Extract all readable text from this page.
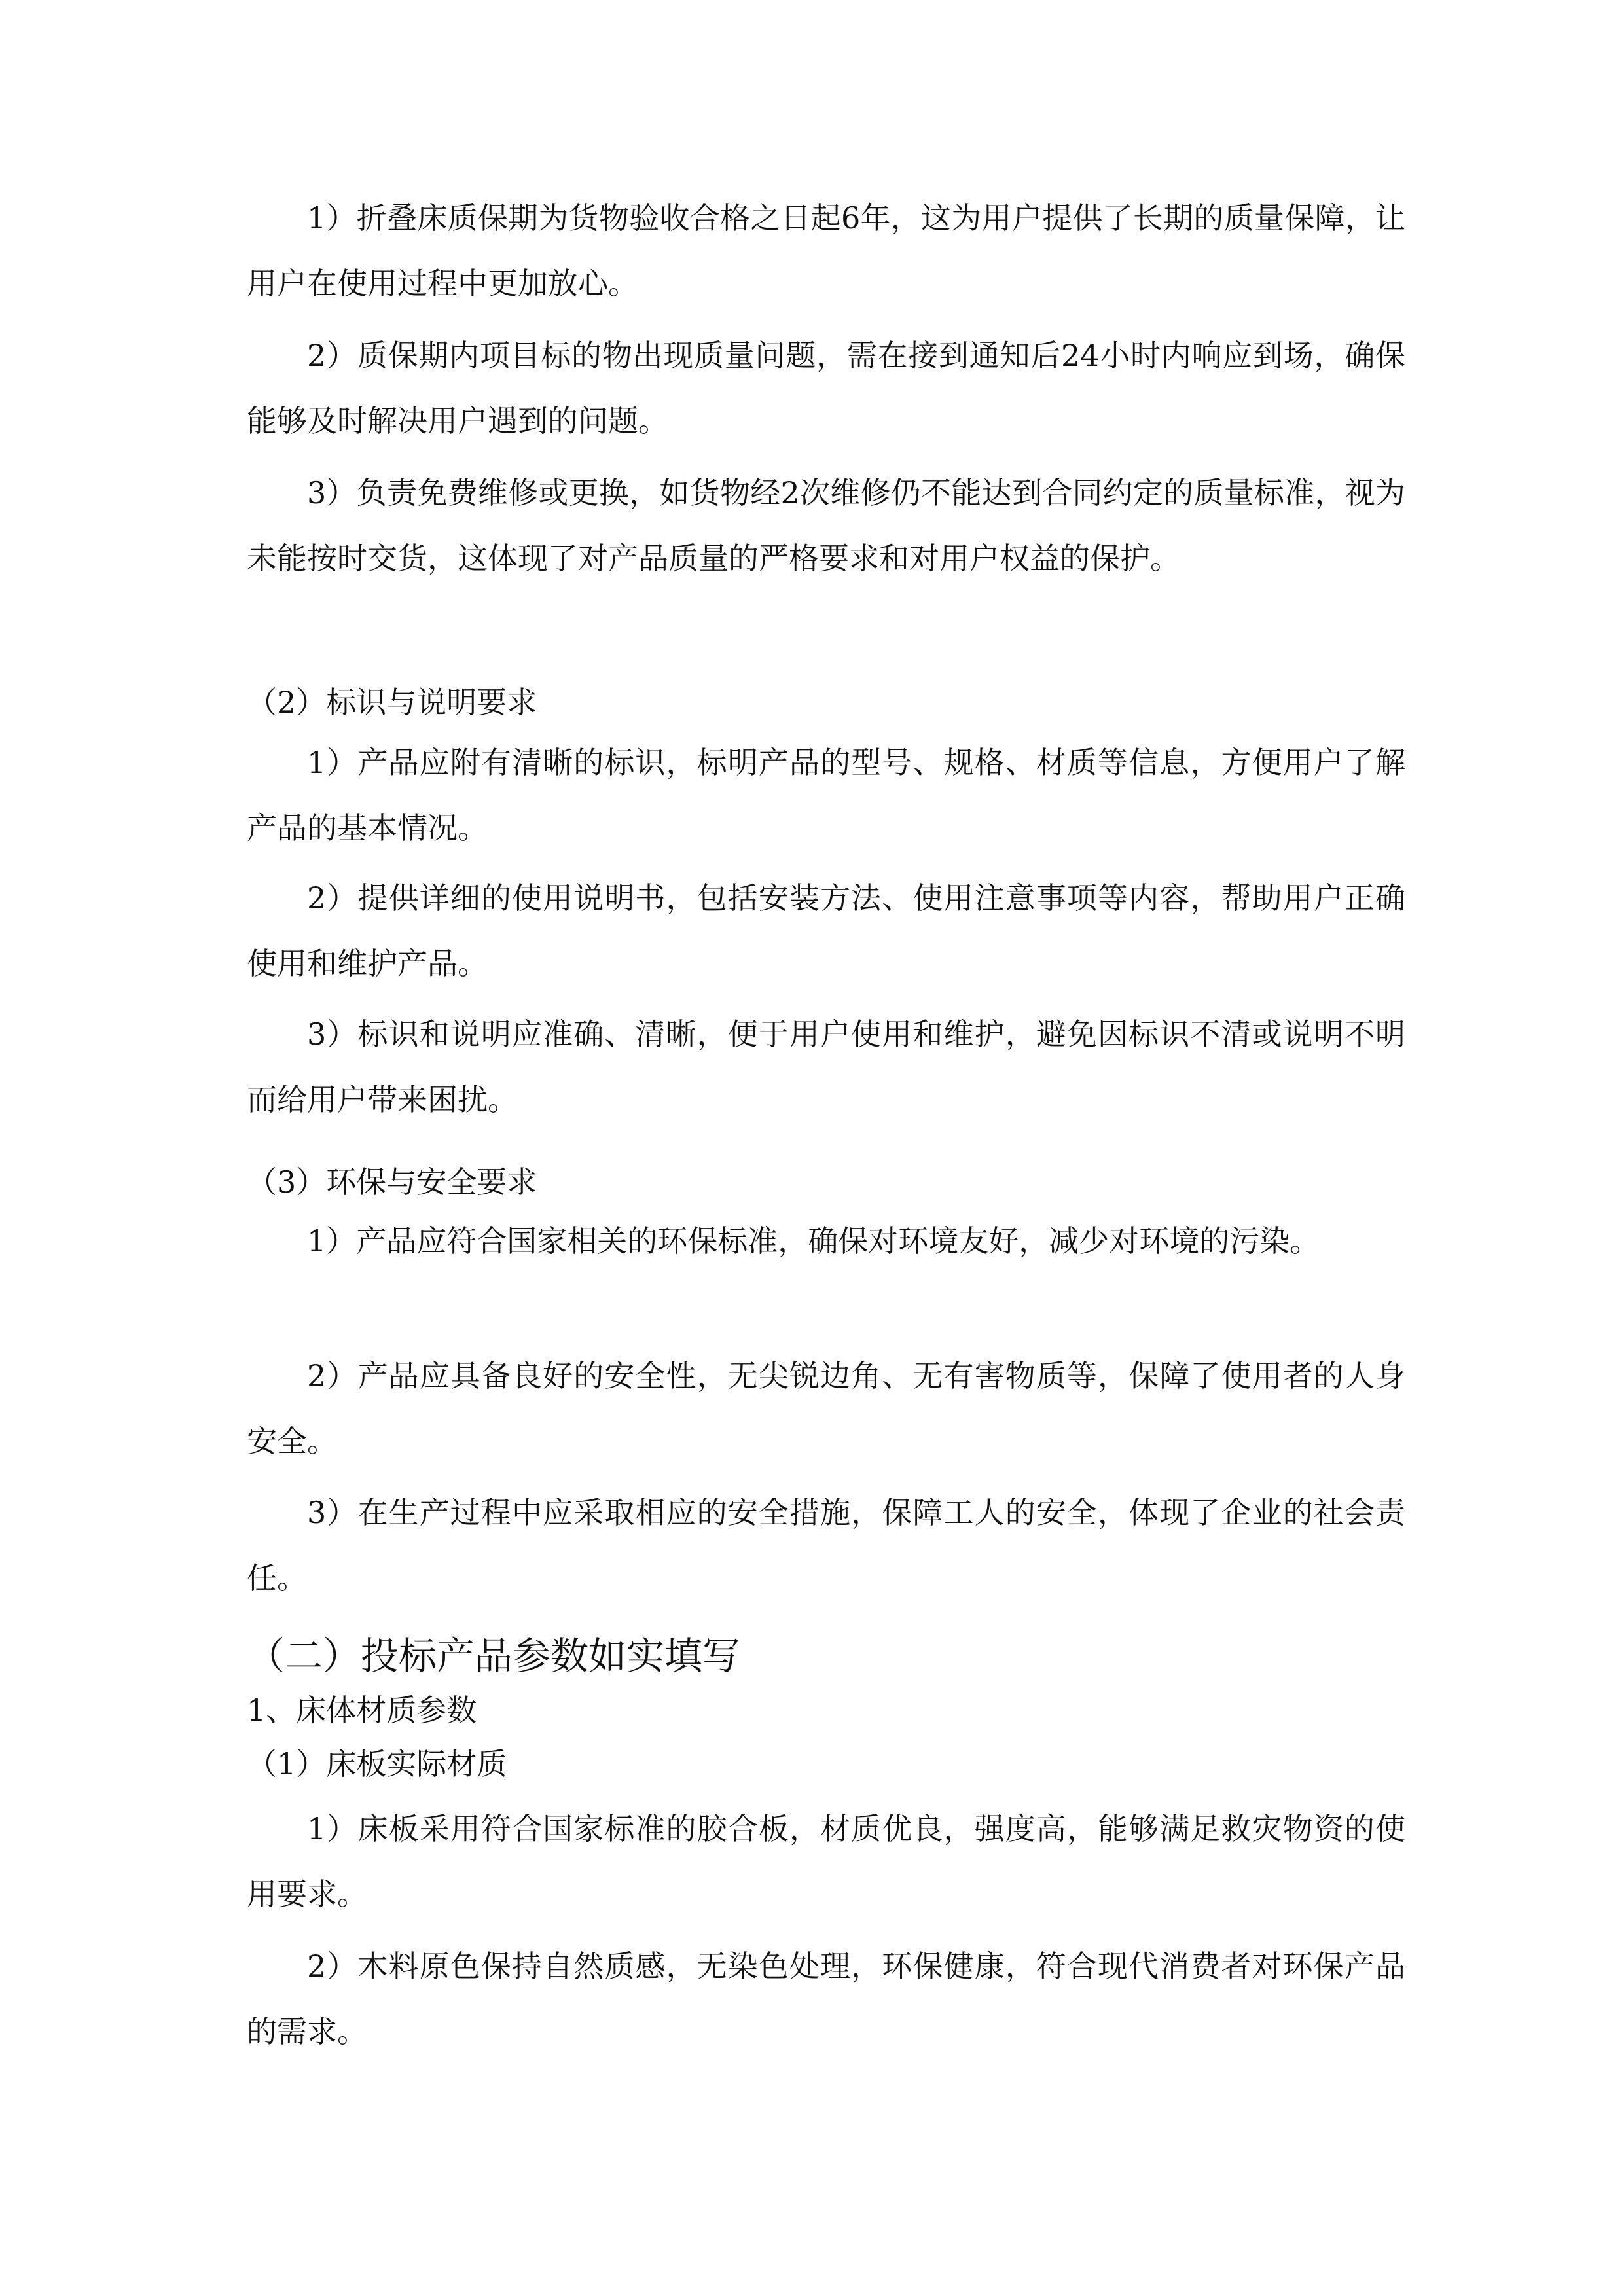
1）折叠床质保期为货物验收合格之日起6年，这为用户提供了长期的质量保障，让用户在使用过程中更加放心。

2）质保期内项目标的物出现质量问题，需在接到通知后24小时内响应到场，确保能够及时解决用户遇到的问题。

3）负责免费维修或更换，如货物经2次维修仍不能达到合同约定的质量标准，视为未能按时交货，这体现了对产品质量的严格要求和对用户权益的保护。

（2）标识与说明要求

1）产品应附有清晰的标识，标明产品的型号、规格、材质等信息，方便用户了解产品的基本情况。

2）提供详细的使用说明书，包括安装方法、使用注意事项等内容，帮助用户正确使用和维护产品。

3）标识和说明应准确、清晰，便于用户使用和维护，避免因标识不清或说明不明而给用户带来困扰。

（3）环保与安全要求

1）产品应符合国家相关的环保标准，确保对环境友好，减少对环境的污染。

2）产品应具备良好的安全性，无尖锐边角、无有害物质等，保障了使用者的人身安全。

3）在生产过程中应采取相应的安全措施，保障工人的安全，体现了企业的社会责任。

（二）投标产品参数如实填写

1、床体材质参数

（1）床板实际材质

1）床板采用符合国家标准的胶合板，材质优良，强度高，能够满足救灾物资的使用要求。

2）木料原色保持自然质感，无染色处理，环保健康，符合现代消费者对环保产品的需求。
